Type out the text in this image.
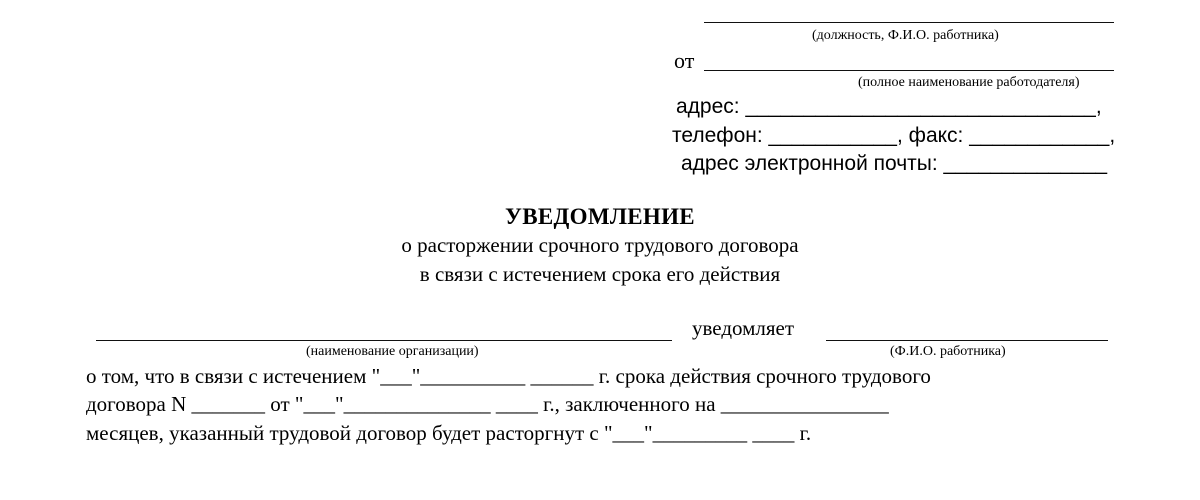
(должность, Ф.И.О. работника)
от
(полное наименование работодателя)
адрес: ______________________________,
телефон: ___________, факс: ____________,
адрес электронной почты: ______________
УВЕДОМЛЕНИЕ
о расторжении срочного трудового договора
в связи с истечением срока его действия
уведомляет
(наименование организации)	(Ф.И.О. работника)
о том, что в связи с истечением "___"__________ ______ г. срока действия срочного трудового
договора N _______ от "___"______________ ____ г., заключенного на ________________
месяцев, указанный трудовой договор будет расторгнут с "___"_________ ____ г.
